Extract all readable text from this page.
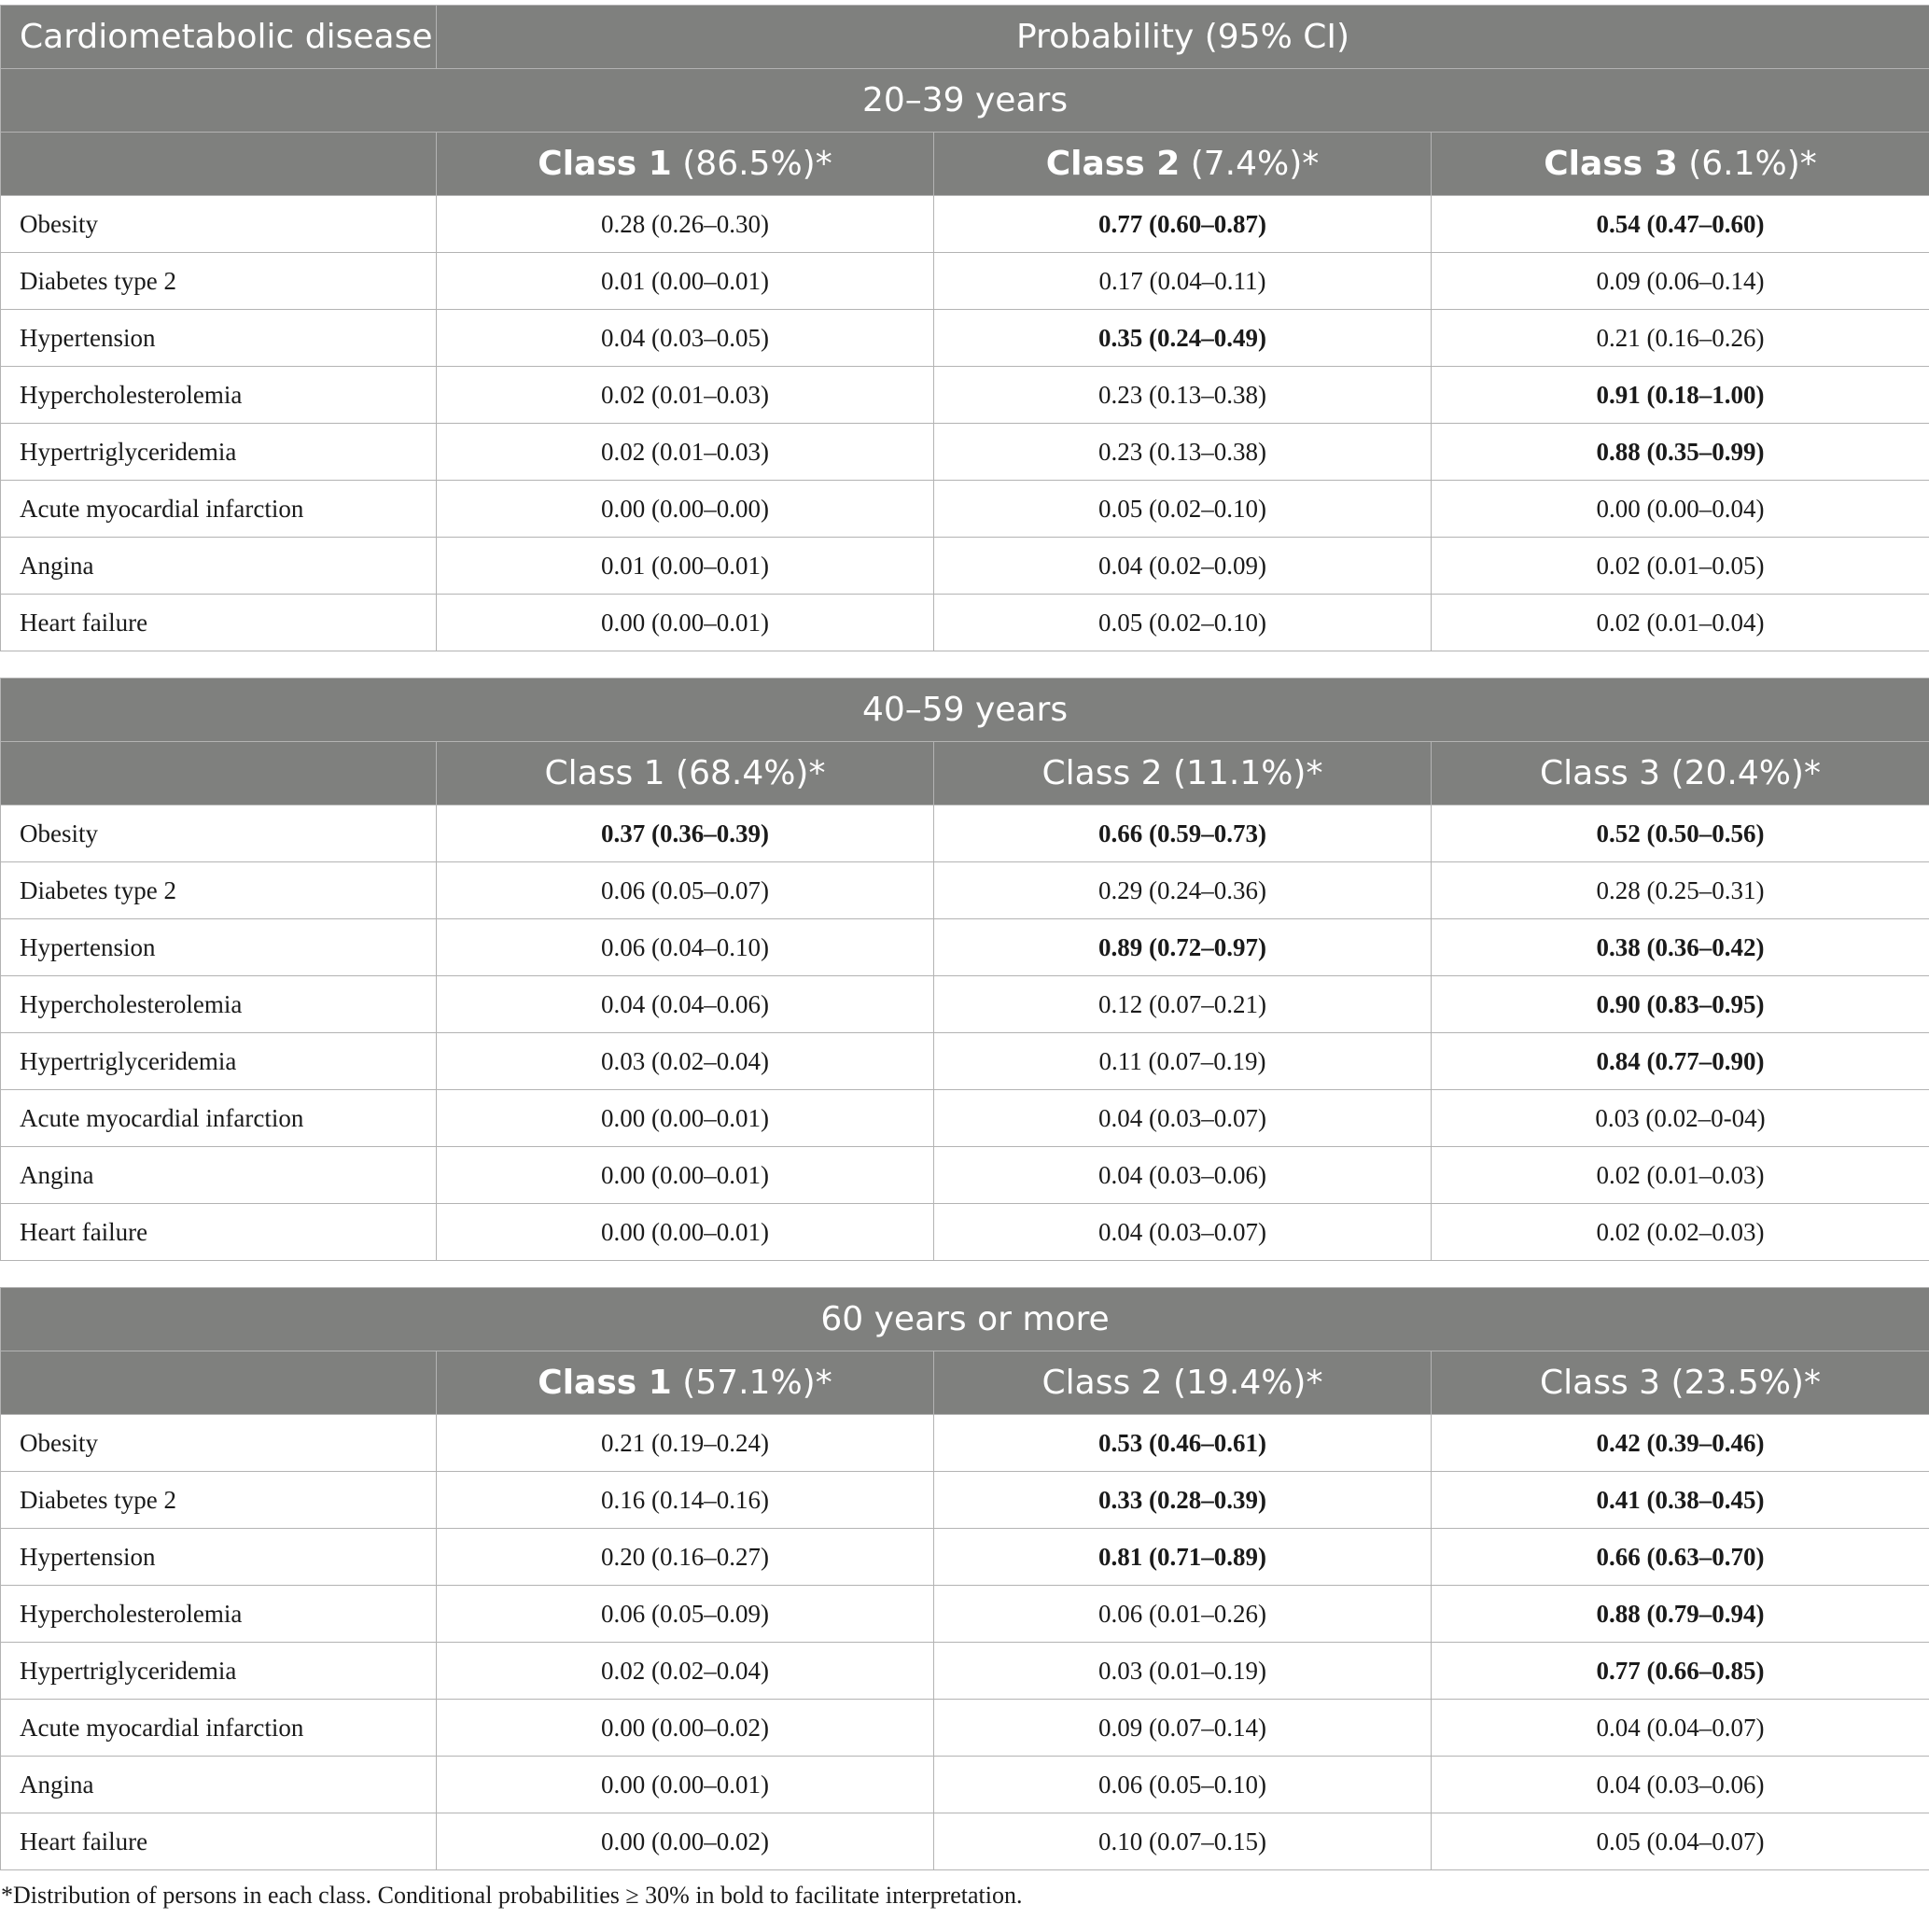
Cardiometabolic disease	Probability (95% CI)		
20–39 years			
	Class 1 (86.5%)*	Class 2 (7.4%)*	Class 3 (6.1%)*
Obesity	0.28 (0.26–0.30)	0.77 (0.60–0.87)	0.54 (0.47–0.60)
Diabetes type 2	0.01 (0.00–0.01)	0.17 (0.04–0.11)	0.09 (0.06–0.14)
Hypertension	0.04 (0.03–0.05)	0.35 (0.24–0.49)	0.21 (0.16–0.26)
Hypercholesterolemia	0.02 (0.01–0.03)	0.23 (0.13–0.38)	0.91 (0.18–1.00)
Hypertriglyceridemia	0.02 (0.01–0.03)	0.23 (0.13–0.38)	0.88 (0.35–0.99)
Acute myocardial infarction	0.00 (0.00–0.00)	0.05 (0.02–0.10)	0.00 (0.00–0.04)
Angina	0.01 (0.00–0.01)	0.04 (0.02–0.09)	0.02 (0.01–0.05)
Heart failure	0.00 (0.00–0.01)	0.05 (0.02–0.10)	0.02 (0.01–0.04)

40–59 years			
	Class 1 (68.4%)*	Class 2 (11.1%)*	Class 3 (20.4%)*
Obesity	0.37 (0.36–0.39)	0.66 (0.59–0.73)	0.52 (0.50–0.56)
Diabetes type 2	0.06 (0.05–0.07)	0.29 (0.24–0.36)	0.28 (0.25–0.31)
Hypertension	0.06 (0.04–0.10)	0.89 (0.72–0.97)	0.38 (0.36–0.42)
Hypercholesterolemia	0.04 (0.04–0.06)	0.12 (0.07–0.21)	0.90 (0.83–0.95)
Hypertriglyceridemia	0.03 (0.02–0.04)	0.11 (0.07–0.19)	0.84 (0.77–0.90)
Acute myocardial infarction	0.00 (0.00–0.01)	0.04 (0.03–0.07)	0.03 (0.02–0-04)
Angina	0.00 (0.00–0.01)	0.04 (0.03–0.06)	0.02 (0.01–0.03)
Heart failure	0.00 (0.00–0.01)	0.04 (0.03–0.07)	0.02 (0.02–0.03)

60 years or more			
	Class 1 (57.1%)*	Class 2 (19.4%)*	Class 3 (23.5%)*
Obesity	0.21 (0.19–0.24)	0.53 (0.46–0.61)	0.42 (0.39–0.46)
Diabetes type 2	0.16 (0.14–0.16)	0.33 (0.28–0.39)	0.41 (0.38–0.45)
Hypertension	0.20 (0.16–0.27)	0.81 (0.71–0.89)	0.66 (0.63–0.70)
Hypercholesterolemia	0.06 (0.05–0.09)	0.06 (0.01–0.26)	0.88 (0.79–0.94)
Hypertriglyceridemia	0.02 (0.02–0.04)	0.03 (0.01–0.19)	0.77 (0.66–0.85)
Acute myocardial infarction	0.00 (0.00–0.02)	0.09 (0.07–0.14)	0.04 (0.04–0.07)
Angina	0.00 (0.00–0.01)	0.06 (0.05–0.10)	0.04 (0.03–0.06)
Heart failure	0.00 (0.00–0.02)	0.10 (0.07–0.15)	0.05 (0.04–0.07)
*Distribution of persons in each class. Conditional probabilities ≥ 30% in bold to facilitate interpretation.
